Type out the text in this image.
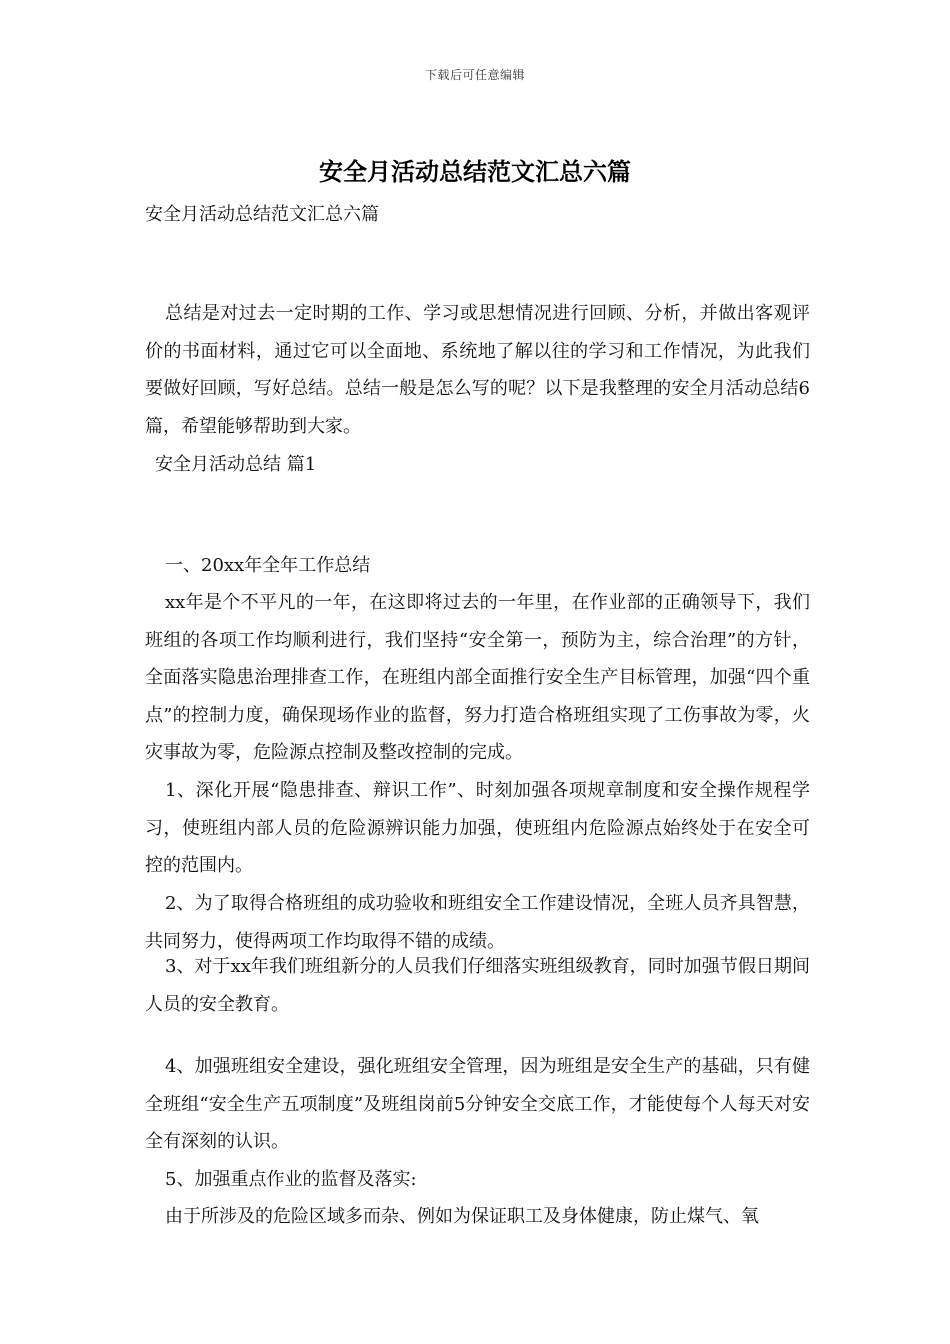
下载后可任意编辑
安全月活动总结范文汇总六篇

安全月活动总结范文汇总六篇

总结是对过去一定时期的工作、学习或思想情况进行回顾、分析，并做出客观评价的书面材料，通过它可以全面地、系统地了解以往的学习和工作情况，为此我们要做好回顾，写好总结。总结一般是怎么写的呢？以下是我整理的安全月活动总结6篇，希望能够帮助到大家。

安全月活动总结 篇1

一、20xx年全年工作总结

xx年是个不平凡的一年，在这即将过去的一年里，在作业部的正确领导下，我们班组的各项工作均顺利进行，我们坚持“安全第一，预防为主，综合治理”的方针，全面落实隐患治理排查工作，在班组内部全面推行安全生产目标管理，加强“四个重点”的控制力度，确保现场作业的监督，努力打造合格班组实现了工伤事故为零，火灾事故为零，危险源点控制及整改控制的完成。

1、深化开展“隐患排查、辩识工作”、时刻加强各项规章制度和安全操作规程学习，使班组内部人员的危险源辨识能力加强，使班组内危险源点始终处于在安全可控的范围内。

2、为了取得合格班组的成功验收和班组安全工作建设情况，全班人员齐具智慧，共同努力，使得两项工作均取得不错的成绩。

3、对于xx年我们班组新分的人员我们仔细落实班组级教育，同时加强节假日期间人员的安全教育。

4、加强班组安全建设，强化班组安全管理，因为班组是安全生产的基础，只有健全班组“安全生产五项制度”及班组岗前5分钟安全交底工作，才能使每个人每天对安全有深刻的认识。

5、加强重点作业的监督及落实:

由于所涉及的危险区域多而杂、例如为保证职工及身体健康，防止煤气、氧
